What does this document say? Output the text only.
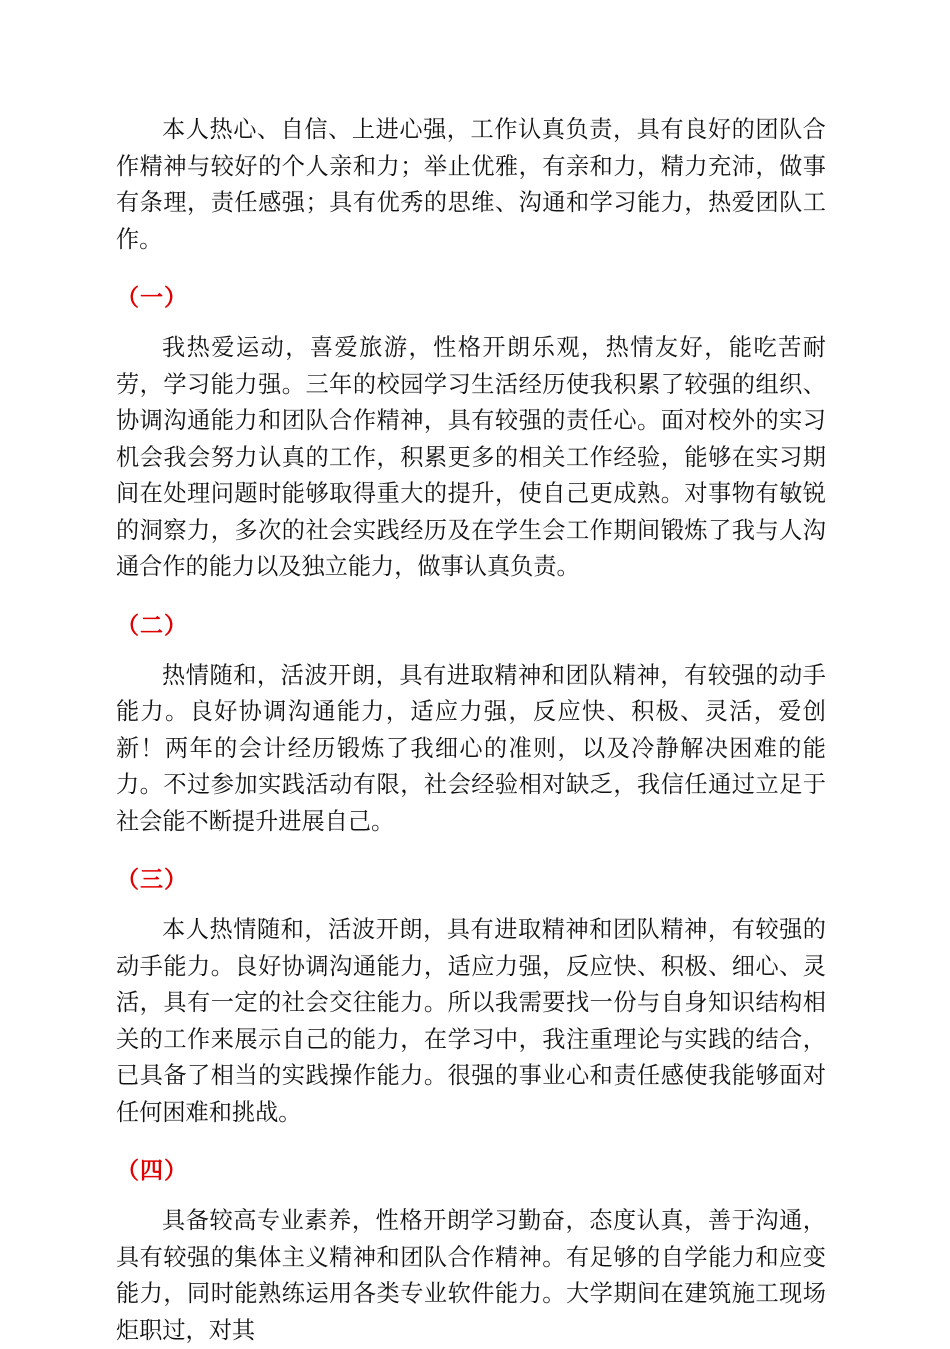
本人热心、自信、上进心强，工作认真负责，具有良好的团队合作精神与较好的个人亲和力；举止优雅，有亲和力，精力充沛，做事有条理，责任感强；具有优秀的思维、沟通和学习能力，热爱团队工作。

（一）

我热爱运动，喜爱旅游，性格开朗乐观，热情友好，能吃苦耐劳，学习能力强。三年的校园学习生活经历使我积累了较强的组织、协调沟通能力和团队合作精神，具有较强的责任心。面对校外的实习机会我会努力认真的工作，积累更多的相关工作经验，能够在实习期间在处理问题时能够取得重大的提升，使自己更成熟。对事物有敏锐的洞察力，多次的社会实践经历及在学生会工作期间锻炼了我与人沟通合作的能力以及独立能力，做事认真负责。

（二）

热情随和，活波开朗，具有进取精神和团队精神，有较强的动手能力。良好协调沟通能力，适应力强，反应快、积极、灵活，爱创新！两年的会计经历锻炼了我细心的准则，以及冷静解决困难的能力。不过参加实践活动有限，社会经验相对缺乏，我信任通过立足于社会能不断提升进展自己。

（三）

本人热情随和，活波开朗，具有进取精神和团队精神，有较强的动手能力。良好协调沟通能力，适应力强，反应快、积极、细心、灵活，具有一定的社会交往能力。所以我需要找一份与自身知识结构相关的工作来展示自己的能力，在学习中，我注重理论与实践的结合，已具备了相当的实践操作能力。很强的事业心和责任感使我能够面对任何困难和挑战。

（四）

具备较高专业素养，性格开朗学习勤奋，态度认真，善于沟通，具有较强的集体主义精神和团队合作精神。有足够的自学能力和应变能力，同时能熟练运用各类专业软件能力。大学期间在建筑施工现场炬职过，对其
